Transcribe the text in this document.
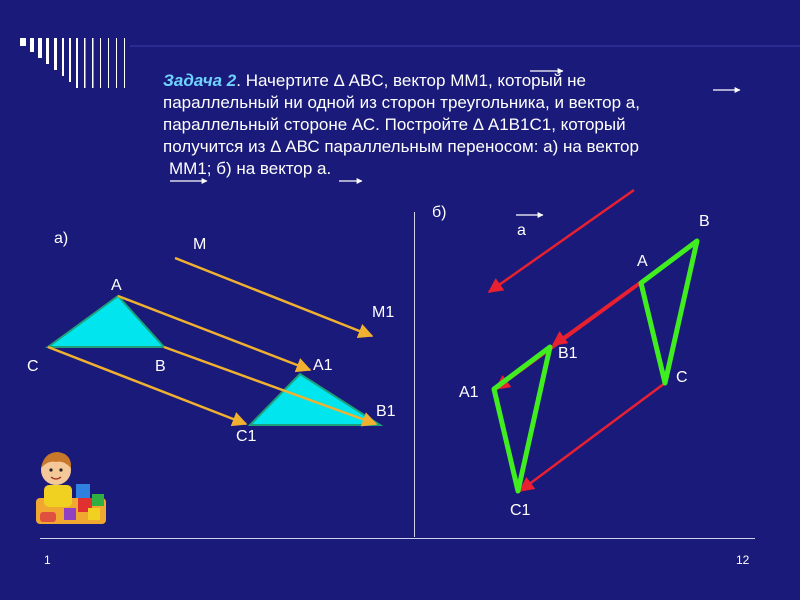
Задача 2. Начертите Δ ABC, вектор MM1, который не
параллельный ни одной из сторон треугольника, и вектор а,
параллельный стороне АС. Постройте Δ А1В1С1, который
получится из Δ АВС параллельным переносом: а) на вектор
MM1; б) на вектор а.
а)	M
M1
A
C	B	A1
B1
C1
б)
а
B
A
C
B1
A1
C1
1	12
